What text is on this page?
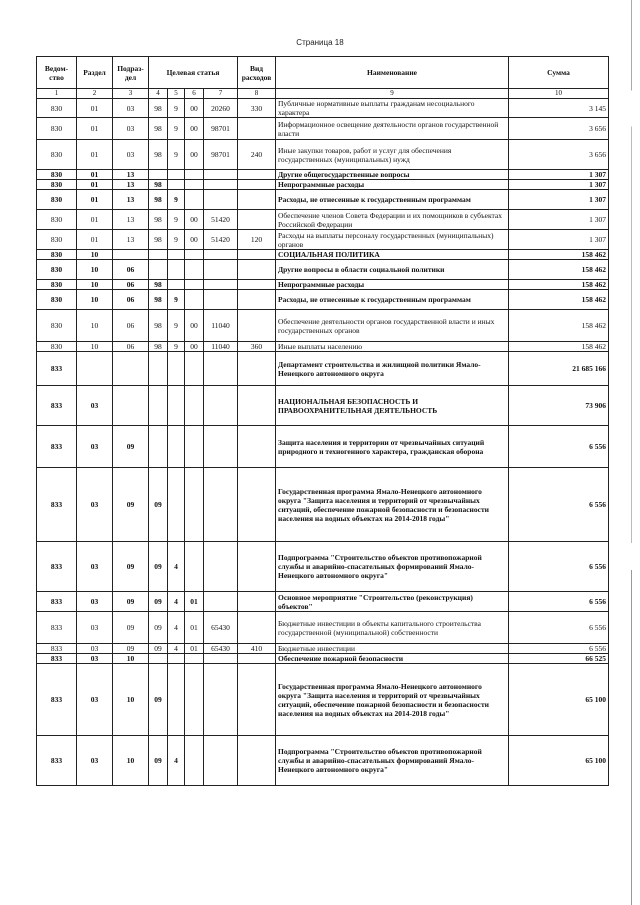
Страница 18
Ведом-ство	Раздел	Подраз-дел	Целевая статья				Вид расходов	Наименование	Сумма
1	2	3	4	5	6	7	8	9	10
830	01	03	98	9	00	20260	330	Публичные нормативные выплаты гражданам несоциального характера	3 145
830	01	03	98	9	00	98701		Информационное освещение деятельности органов государственной власти	3 656
830	01	03	98	9	00	98701	240	Иные закупки товаров, работ и услуг для обеспечения государственных (муниципальных) нужд	3 656
830	01	13						Другие общегосударственные вопросы	1 307
830	01	13	98					Непрограммные расходы	1 307
830	01	13	98	9				Расходы, не отнесенные к государственным программам	1 307
830	01	13	98	9	00	51420		Обеспечение членов Совета Федерации и их помощников в субъектах Российской Федерации	1 307
830	01	13	98	9	00	51420	120	Расходы на выплаты персоналу государственных (муниципальных) органов	1 307
830	10							СОЦИАЛЬНАЯ ПОЛИТИКА	158 462
830	10	06						Другие вопросы в области социальной политики	158 462
830	10	06	98					Непрограммные расходы	158 462
830	10	06	98	9				Расходы, не отнесенные к государственным программам	158 462
830	10	06	98	9	00	11040		Обеспечение деятельности органов государственной власти и иных государственных органов	158 462
830	10	06	98	9	00	11040	360	Иные выплаты населению	158 462
833								Департамент строительства и жилищной политики Ямало-Ненецкого автономного округа	21 685 166
833	03							НАЦИОНАЛЬНАЯ БЕЗОПАСНОСТЬ И ПРАВООХРАНИТЕЛЬНАЯ ДЕЯТЕЛЬНОСТЬ	73 906
833	03	09						Защита населения и территории от чрезвычайных ситуаций природного и техногенного характера, гражданская оборона	6 556
833	03	09	09					Государственная программа Ямало-Ненецкого автономного округа "Защита населения и территорий от чрезвычайных ситуаций, обеспечение пожарной безопасности и безопасности населения на водных объектах на 2014-2018 годы"	6 556
833	03	09	09	4				Подпрограмма "Строительство объектов противопожарной службы и аварийно-спасательных формирований Ямало-Ненецкого автономного округа"	6 556
833	03	09	09	4	01			Основное мероприятие "Строительство (реконструкция) объектов"	6 556
833	03	09	09	4	01	65430		Бюджетные инвестиции в объекты капитального строительства государственной (муниципальной) собственности	6 556
833	03	09	09	4	01	65430	410	Бюджетные инвестиции	6 556
833	03	10						Обеспечение пожарной безопасности	66 525
833	03	10	09					Государственная программа Ямало-Ненецкого автономного округа "Защита населения и территорий от чрезвычайных ситуаций, обеспечение пожарной безопасности и безопасности населения на водных объектах на 2014-2018 годы"	65 100
833	03	10	09	4				Подпрограмма "Строительство объектов противопожарной службы и аварийно-спасательных формирований Ямало-Ненецкого автономного округа"	65 100
